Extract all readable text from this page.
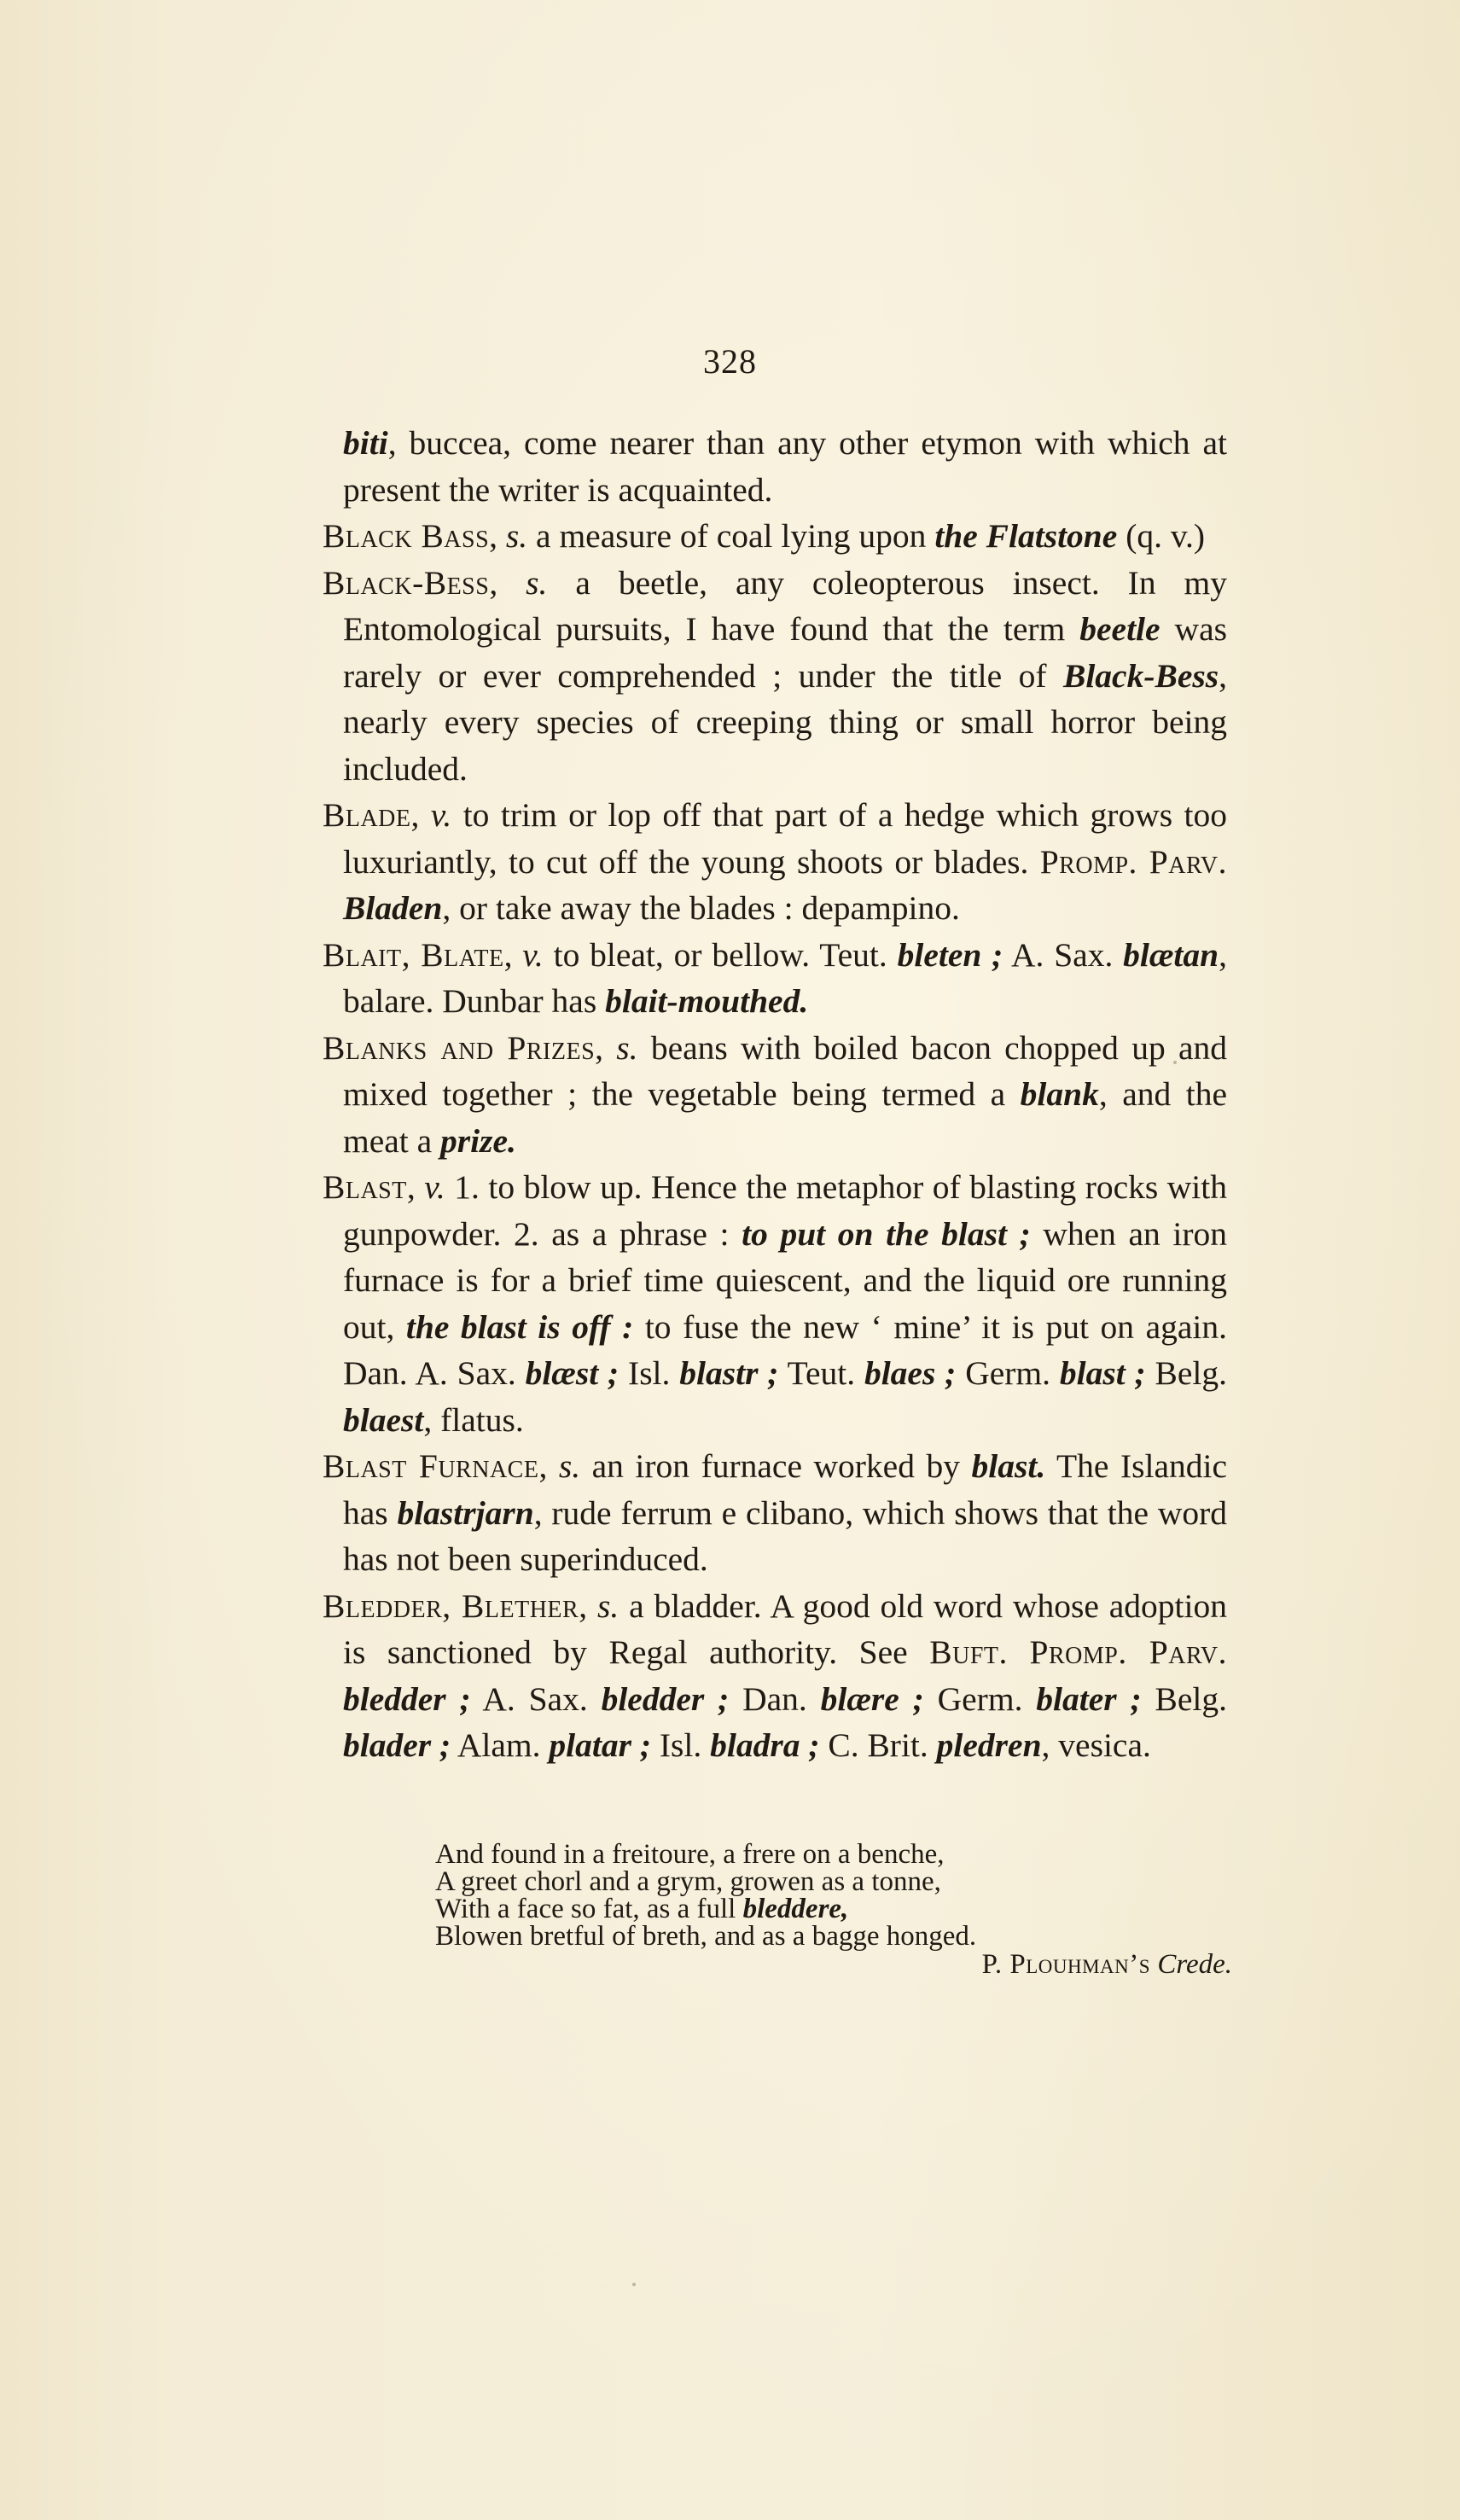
328
biti, buccea, come nearer than any other etymon with which at present the writer is acquainted.
Black Bass, s. a measure of coal lying upon the Flatstone (q. v.)
Black-Bess, s. a beetle, any coleopterous insect. In my Entomological pursuits, I have found that the term beetle was rarely or ever comprehended ; under the title of Black-Bess, nearly every species of creeping thing or small horror being included.
Blade, v. to trim or lop off that part of a hedge which grows too luxuriantly, to cut off the young shoots or blades. Promp. Parv. Bladen, or take away the blades : depampino.
Blait, Blate, v. to bleat, or bellow. Teut. bleten ; A. Sax. blætan, balare. Dunbar has blait-mouthed.
Blanks and Prizes, s. beans with boiled bacon chopped up and mixed together ; the vegetable being termed a blank, and the meat a prize.
Blast, v. 1. to blow up. Hence the metaphor of blasting rocks with gunpowder. 2. as a phrase : to put on the blast ; when an iron furnace is for a brief time quiescent, and the liquid ore running out, the blast is off : to fuse the new ‘ mine’ it is put on again. Dan. A. Sax. blæst ; Isl. blastr ; Teut. blaes ; Germ. blast ; Belg. blaest, flatus.
Blast Furnace, s. an iron furnace worked by blast. The Islandic has blastrjarn, rude ferrum e clibano, which shows that the word has not been superinduced.
Bledder, Blether, s. a bladder. A good old word whose adoption is sanctioned by Regal authority. See Buft. Promp. Parv. bledder ; A. Sax. bledder ; Dan. blære ; Germ. blater ; Belg. blader ; Alam. platar ; Isl. bladra ; C. Brit. pledren, vesica.
And found in a freitoure, a frere on a benche,
A greet chorl and a grym, growen as a tonne,
With a face so fat, as a full bleddere,
Blowen bretful of breth, and as a bagge honged.
P. Plouhman’s Crede.
